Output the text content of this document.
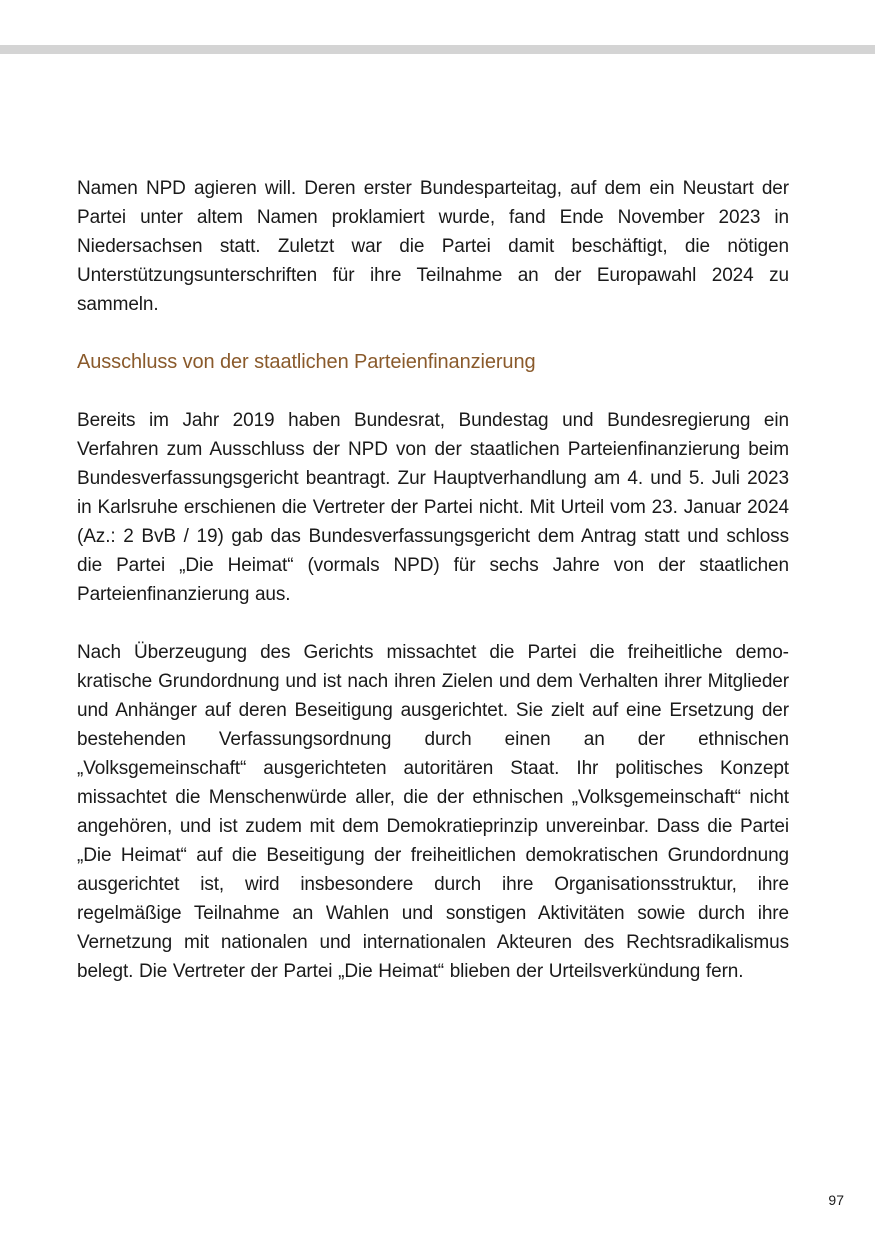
Namen NPD agieren will. Deren erster Bundesparteitag, auf dem ein Neustart der Partei unter altem Namen proklamiert wurde, fand Ende November 2023 in Niedersachsen statt. Zuletzt war die Partei damit beschäftigt, die nötigen Unterstützungsunterschriften für ihre Teilnahme an der Europawahl 2024 zu sammeln.

Ausschluss von der staatlichen Parteienfinanzierung

Bereits im Jahr 2019 haben Bundesrat, Bundestag und Bundesregierung ein Verfahren zum Ausschluss der NPD von der staatlichen Parteienfinanzierung beim Bundesverfassungsgericht beantragt. Zur Hauptverhandlung am 4. und 5. Juli 2023 in Karlsruhe erschienen die Vertreter der Partei nicht. Mit Urteil vom 23. Januar 2024 (Az.: 2 BvB / 19) gab das Bundesverfassungsgericht dem Antrag statt und schloss die Partei „Die Heimat“ (vormals NPD) für sechs Jahre von der staatlichen Parteienfinanzierung aus.

Nach Überzeugung des Gerichts missachtet die Partei die freiheitliche demokratische Grundordnung und ist nach ihren Zielen und dem Verhalten ihrer Mitglieder und Anhänger auf deren Beseitigung ausgerichtet. Sie zielt auf eine Ersetzung der bestehenden Verfassungsordnung durch einen an der ethnischen „Volksgemeinschaft“ ausgerichteten autoritären Staat. Ihr politisches Konzept missachtet die Menschenwürde aller, die der ethnischen „Volksgemeinschaft“ nicht angehören, und ist zudem mit dem Demokratieprinzip unvereinbar. Dass die Partei „Die Heimat“ auf die Beseitigung der freiheitlichen demokratischen Grundordnung ausgerichtet ist, wird insbesondere durch ihre Organisationsstruktur, ihre regelmäßige Teilnahme an Wahlen und sonstigen Aktivitäten sowie durch ihre Vernetzung mit nationalen und internationalen Akteuren des Rechtsradikalismus belegt. Die Vertreter der Partei „Die Heimat“ blieben der Urteilsverkündung fern.

97
